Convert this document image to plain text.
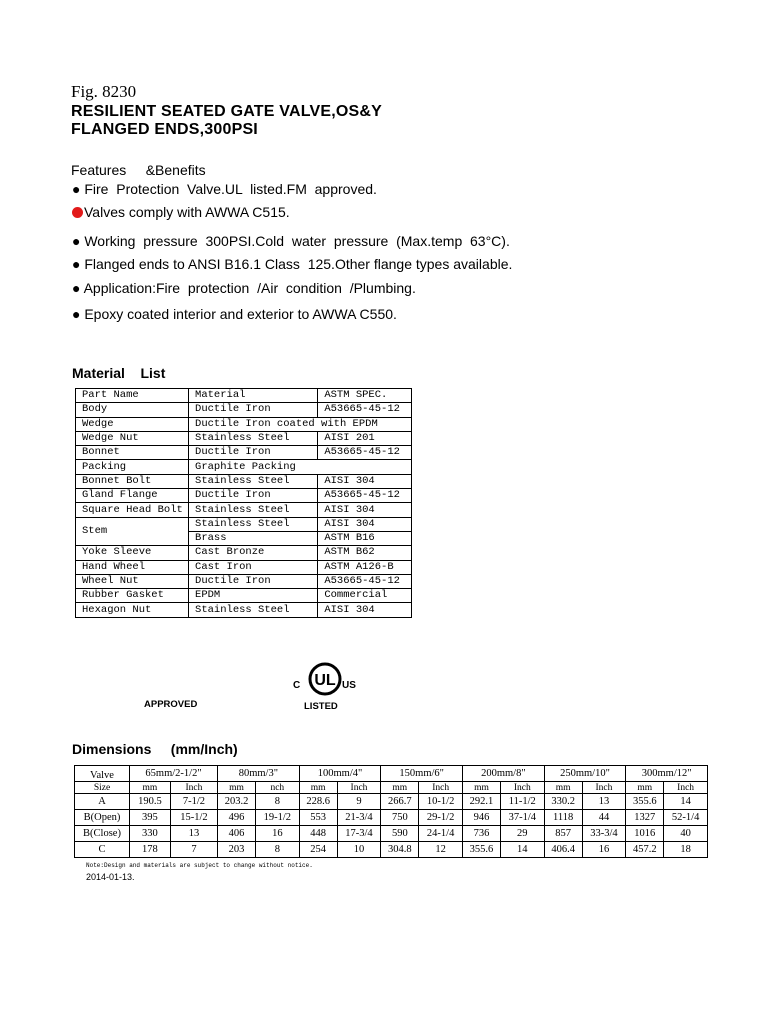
Fig. 8230
RESILIENT SEATED GATE VALVE,OS&Y
FLANGED ENDS,300PSI
Features     &Benefits
● Fire  Protection  Valve.UL  listed.FM  approved.
Valves comply with AWWA C515.
● Working  pressure  300PSI.Cold  water  pressure  (Max.temp  63°C).
● Flanged ends to ANSI B16.1 Class  125.Other flange types available.
● Application:Fire  protection  /Air  condition  /Plumbing.
● Epoxy coated interior and exterior to AWWA C550.
Material    List
Part Name	Material	ASTM SPEC.
Body	Ductile Iron	A53665-45-12
Wedge	Ductile Iron coated with EPDM	
Wedge Nut	Stainless Steel	AISI 201
Bonnet	Ductile Iron	A53665-45-12
Packing	Graphite Packing	
Bonnet Bolt	Stainless Steel	AISI 304
Gland Flange	Ductile Iron	A53665-45-12
Square Head Bolt	Stainless Steel	AISI 304
Stem	Stainless Steel	AISI 304
	Brass	ASTM B16
Yoke Sleeve	Cast Bronze	ASTM B62
Hand Wheel	Cast Iron	ASTM A126-B
Wheel Nut	Ductile Iron	A53665-45-12
Rubber Gasket	EPDM	Commercial
Hexagon Nut	Stainless Steel	AISI 304
UL
C	US
APPROVED	LISTED
Dimensions     (mm/Inch)
Valve	65mm/2-1/2"		80mm/3"		100mm/4"		150mm/6"		200mm/8"		250mm/10"		300mm/12"	
Size	mm	Inch	mm	nch	mm	Inch	mm	Inch	mm	Inch	mm	Inch	mm	Inch
A	190.5	7-1/2	203.2	8	228.6	9	266.7	10-1/2	292.1	11-1/2	330.2	13	355.6	14
B(Open)	395	15-1/2	496	19-1/2	553	21-3/4	750	29-1/2	946	37-1/4	1118	44	1327	52-1/4
B(Close)	330	13	406	16	448	17-3/4	590	24-1/4	736	29	857	33-3/4	1016	40
C	178	7	203	8	254	10	304.8	12	355.6	14	406.4	16	457.2	18
Note:Design and materials are subject to change without notice.
2014-01-13.
